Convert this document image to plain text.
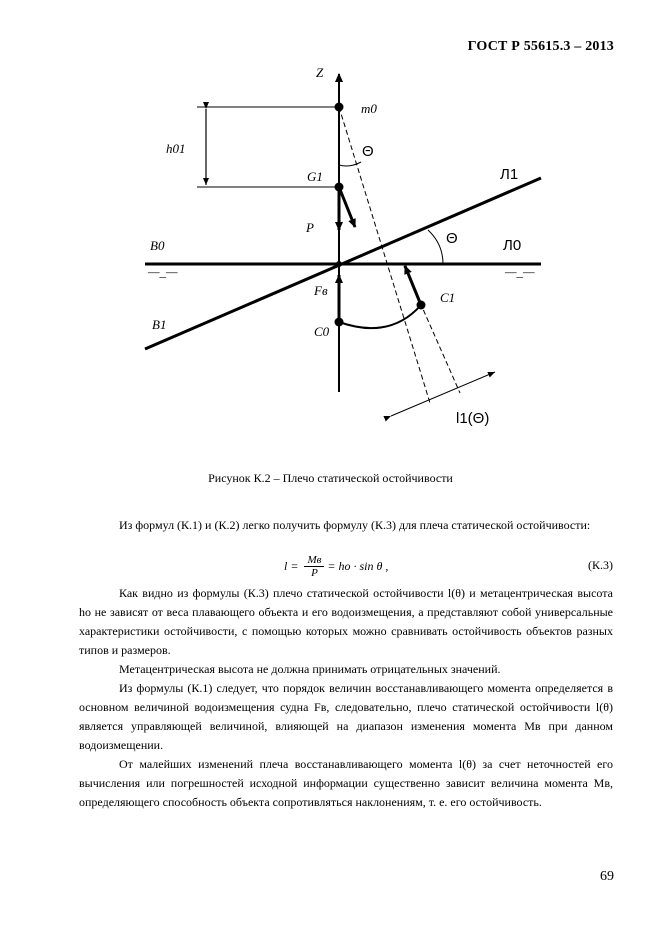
ГОСТ Р 55615.3 – 2013
Z
m0
h01
G1
Θ
Л1
Θ
B0	Л0
P
Fв	C1
B1	C0
l1(Θ)
—_—	—_—
Рисунок К.2 – Плечо статической остойчивости

Из формул (К.1) и (К.2) легко получить формулу (К.3) для плеча статической остойчивости:

$l = \frac{Mв}{P}$ = hо · sin θ ,	(К.3)

Как видно из формулы (К.3) плечо статической остойчивости l(θ) и метацентрическая высота hо не зависят от веса плавающего объекта и его водоизмещения, а представляют собой универсальные характеристики остойчивости, с помощью которых можно сравнивать остойчивость объектов разных типов и размеров.

Метацентрическая высота не должна принимать отрицательных значений.

Из формулы (К.1) следует, что порядок величин восстанавливающего момента определяется в основном величиной водоизмещения судна Fв, следовательно, плечо статической остойчивости l(θ) является управляющей величиной, влияющей на диапазон изменения момента Mв при данном водоизмещении.

От малейших изменений плеча восстанавливающего момента l(θ) за счет неточностей его вычисления или погрешностей исходной информации существенно зависит величина момента Mв, определяющего способность объекта сопротивляться наклонениям, т. е. его остойчивость.

69
